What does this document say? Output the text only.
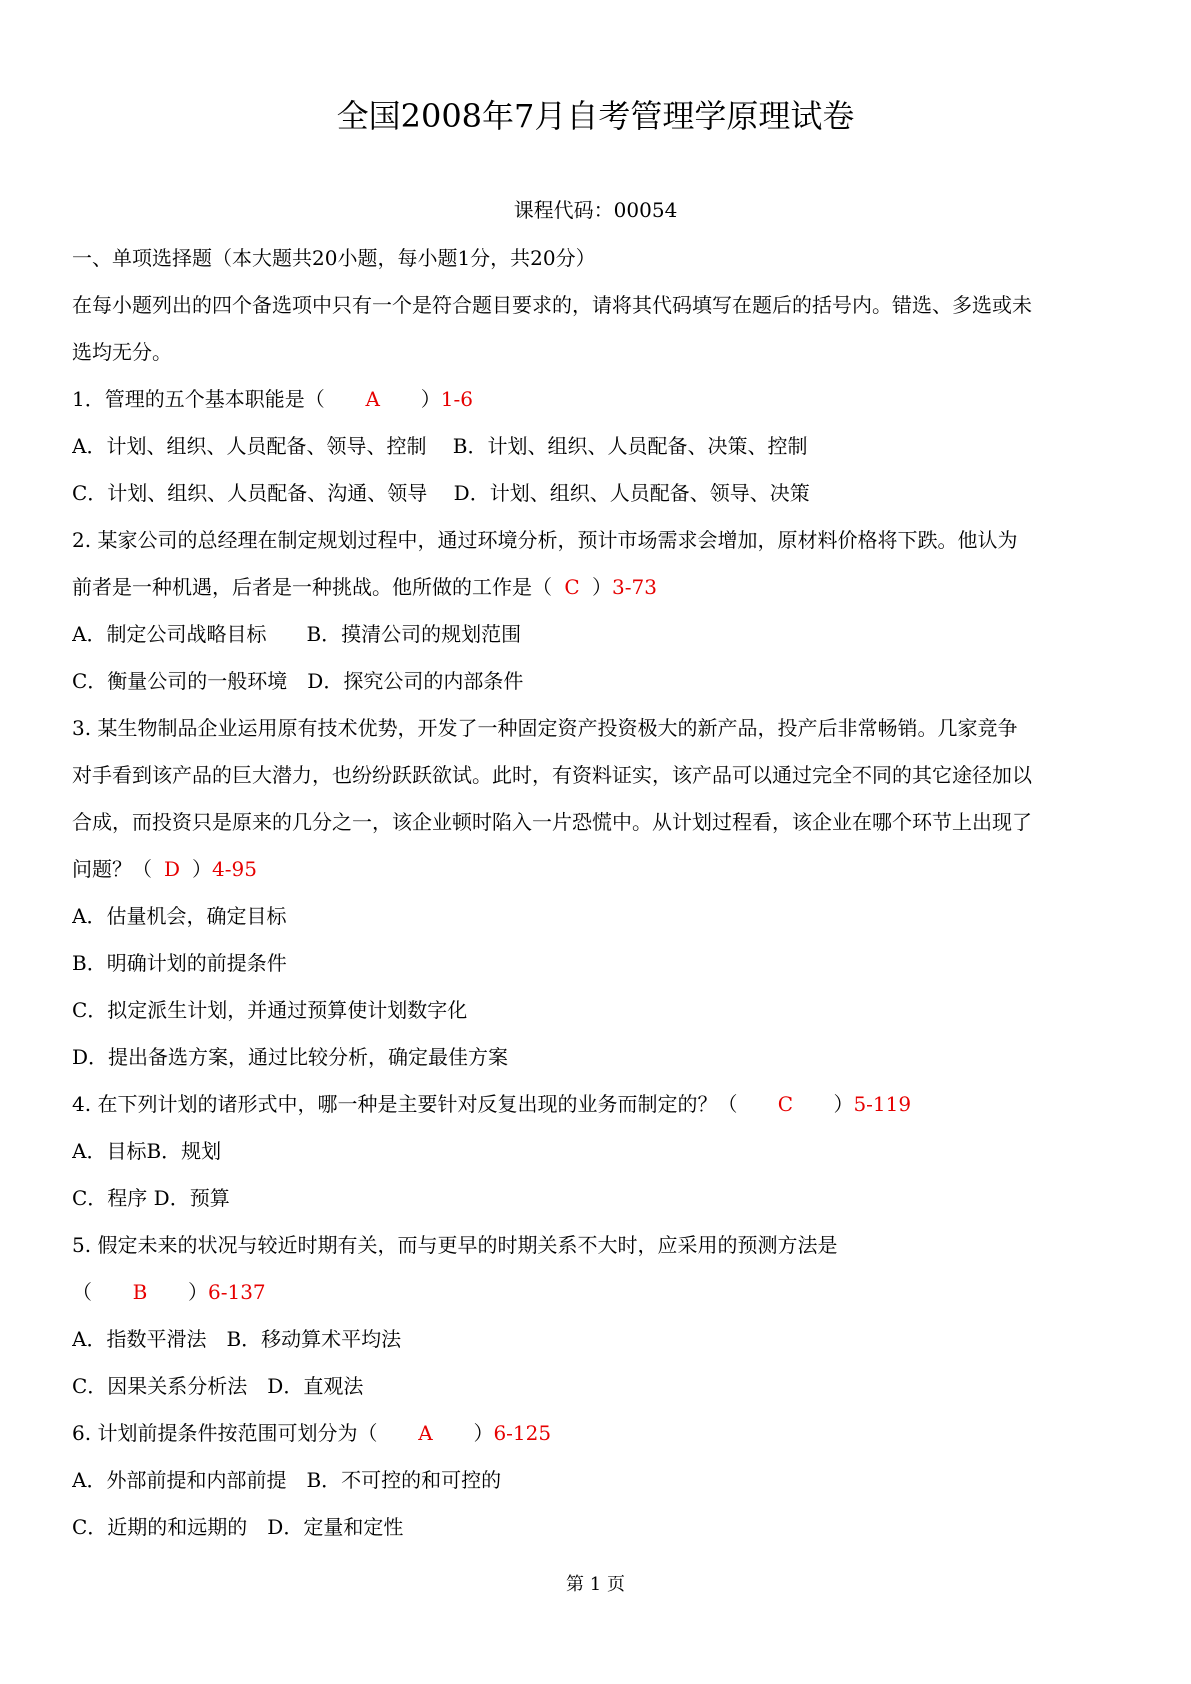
全国2008年7月自考管理学原理试卷
课程代码：00054
一、单项选择题（本大题共20小题，每小题1分，共20分）
在每小题列出的四个备选项中只有一个是符合题目要求的，请将其代码填写在题后的括号内。错选、多选或未
选均无分。
1．管理的五个基本职能是（ A ）1-6
A．计划、组织、人员配备、领导、控制　 B．计划、组织、人员配备、决策、控制
C．计划、组织、人员配备、沟通、领导　 D．计划、组织、人员配备、领导、决策
2. 某家公司的总经理在制定规划过程中，通过环境分析，预计市场需求会增加，原材料价格将下跌。他认为
前者是一种机遇，后者是一种挑战。他所做的工作是（ C ）3-73
A．制定公司战略目标　　B．摸清公司的规划范围
C．衡量公司的一般环境　D．探究公司的内部条件
3. 某生物制品企业运用原有技术优势，开发了一种固定资产投资极大的新产品，投产后非常畅销。几家竞争
对手看到该产品的巨大潜力，也纷纷跃跃欲试。此时，有资料证实，该产品可以通过完全不同的其它途径加以
合成，而投资只是原来的几分之一，该企业顿时陷入一片恐慌中。从计划过程看，该企业在哪个环节上出现了
问题？（ D ）4-95
A．估量机会，确定目标
B．明确计划的前提条件
C．拟定派生计划，并通过预算使计划数字化
D．提出备选方案，通过比较分析，确定最佳方案
4. 在下列计划的诸形式中，哪一种是主要针对反复出现的业务而制定的？（ C ）5-119
A．目标B．规划
C．程序 D．预算
5. 假定未来的状况与较近时期有关，而与更早的时期关系不大时，应采用的预测方法是
（ B ）6-137
A．指数平滑法　B．移动算术平均法
C．因果关系分析法　D．直观法
6. 计划前提条件按范围可划分为（ A ）6-125
A．外部前提和内部前提　B．不可控的和可控的
C．近期的和远期的　D．定量和定性
第 1 页
